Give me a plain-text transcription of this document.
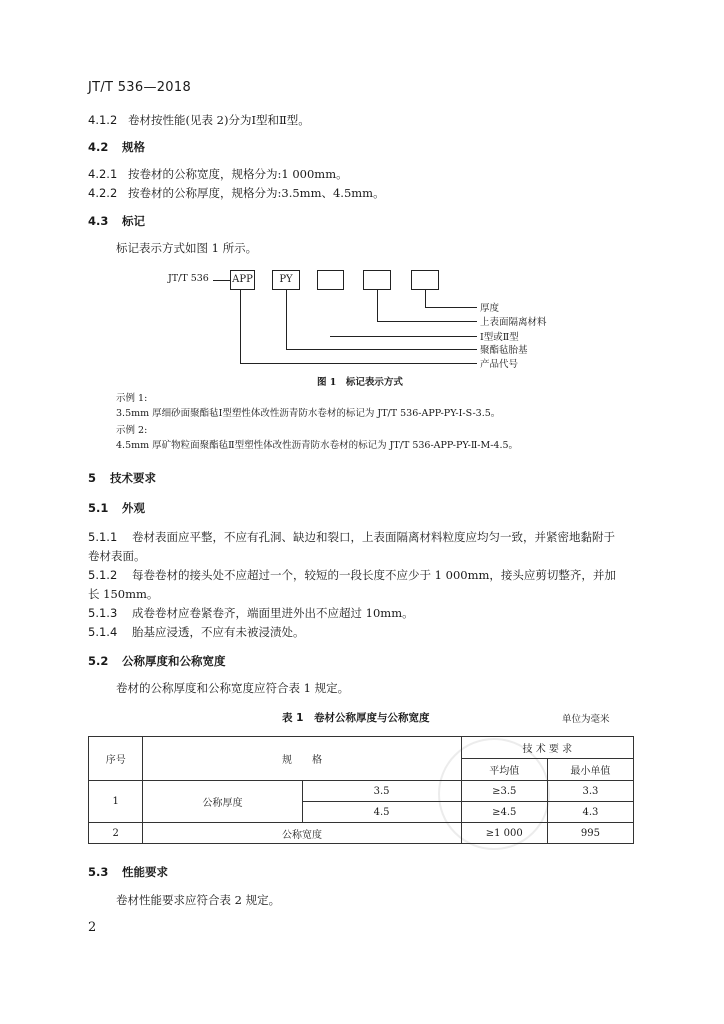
JT/T 536—2018
4.1.2 卷材按性能(见表 2)分为Ⅰ型和Ⅱ型。
4.2 规格
4.2.1 按卷材的公称宽度，规格分为:1 000mm。
4.2.2 按卷材的公称厚度，规格分为:3.5mm、4.5mm。
4.3 标记
标记表示方式如图 1 所示。
JT/T 536 APP	PY
厚度
上表面隔离材料
Ⅰ型或Ⅱ型
聚酯毡胎基
产品代号
图 1　标记表示方式
示例 1:
3.5mm 厚细砂面聚酯毡Ⅰ型塑性体改性沥青防水卷材的标记为 JT/T 536-APP-PY-Ⅰ-S-3.5。
示例 2:
4.5mm 厚矿物粒面聚酯毡Ⅱ型塑性体改性沥青防水卷材的标记为 JT/T 536-APP-PY-Ⅱ-M-4.5。
5 技术要求
5.1 外观
5.1.1 卷材表面应平整，不应有孔洞、缺边和裂口，上表面隔离材料粒度应均匀一致，并紧密地黏附于
卷材表面。
5.1.2 每卷卷材的接头处不应超过一个，较短的一段长度不应少于 1 000mm，接头应剪切整齐，并加
长 150mm。
5.1.3 成卷卷材应卷紧卷齐，端面里进外出不应超过 10mm。
5.1.4 胎基应浸透，不应有未被浸渍处。
5.2 公称厚度和公称宽度
卷材的公称厚度和公称宽度应符合表 1 规定。
表 1　卷材公称厚度与公称宽度	单位为毫米
序号	规　　格		技 术 要 求	
			平均值	最小单值
1	公称厚度	3.5	≥3.5	3.3
		4.5	≥4.5	4.3
2	公称宽度		≥1 000	995
5.3 性能要求
卷材性能要求应符合表 2 规定。
2
